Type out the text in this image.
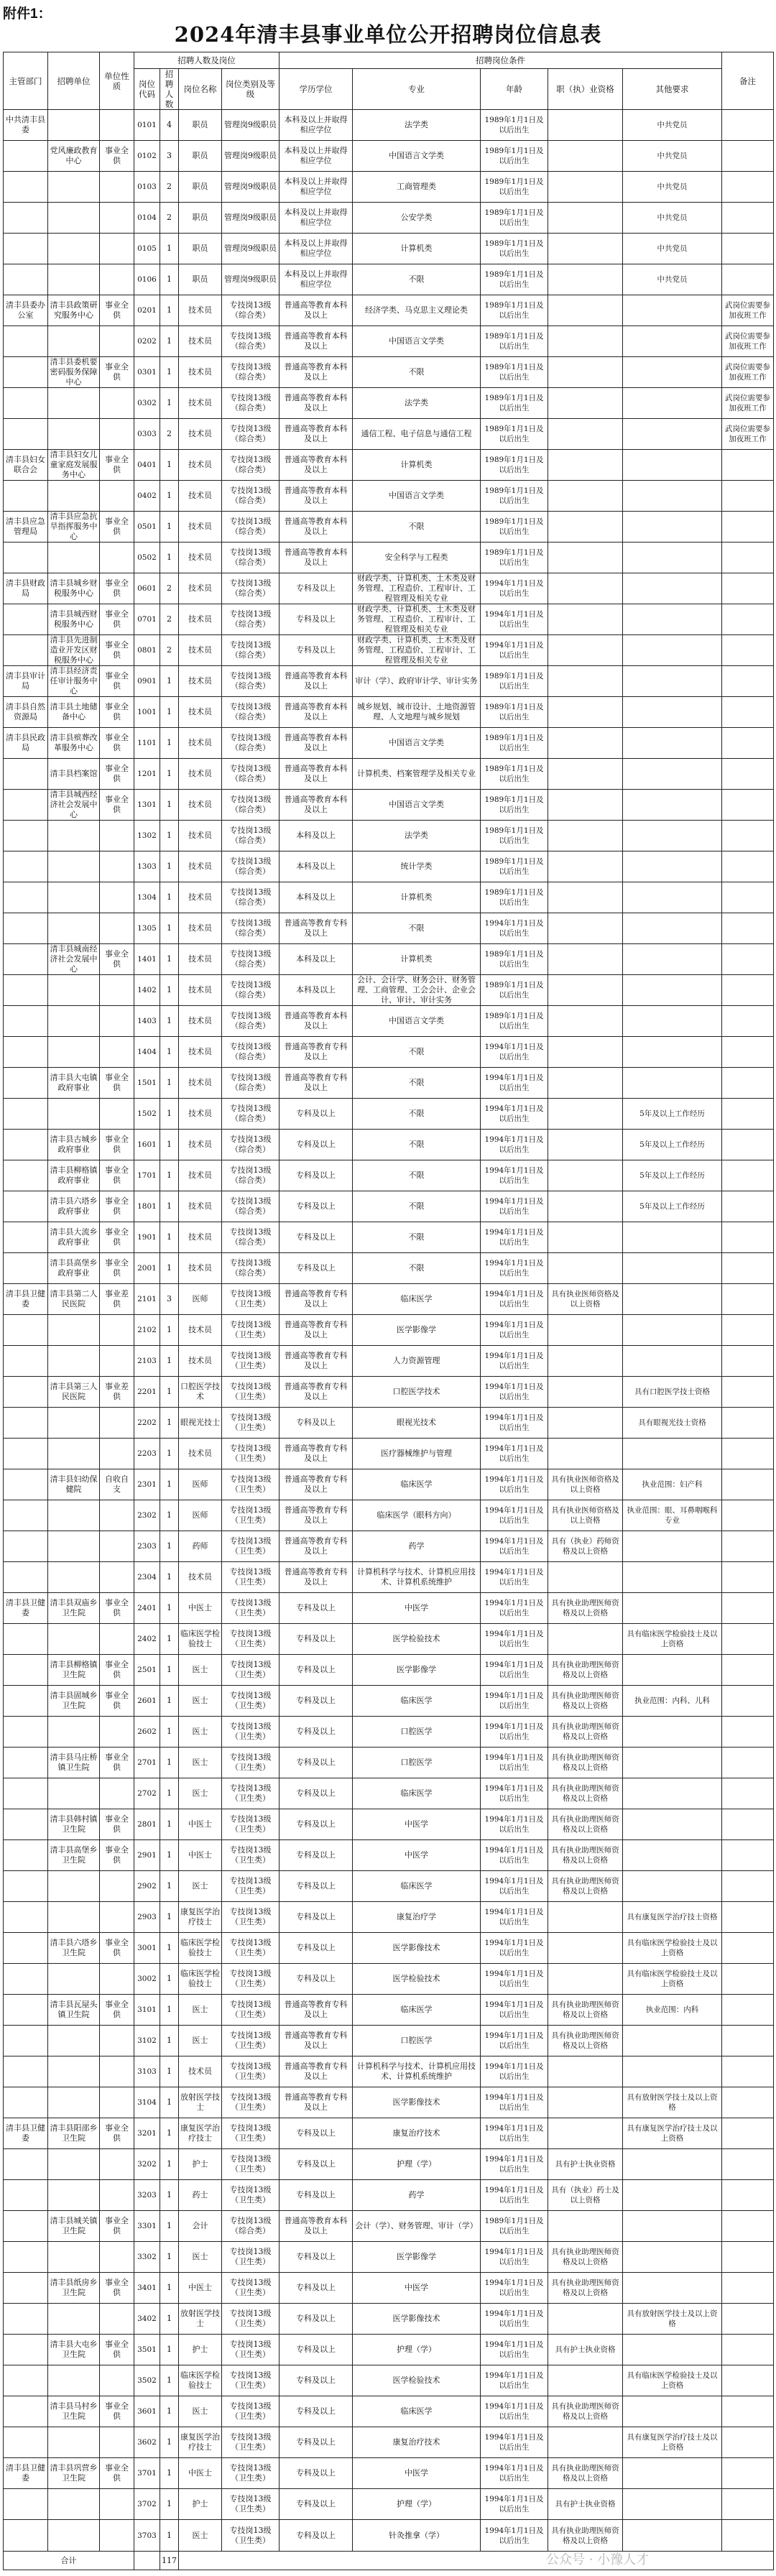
附件1：
2024年清丰县事业单位公开招聘岗位信息表
主管部门	招聘单位	单位性质	招聘人数及岗位				招聘岗位条件					备注
			岗位代码	招聘人数	岗位名称	岗位类别及等级	学历学位	专业	年龄	职（执）业资格	其他要求	
中共清丰县委			0101	4	职员	管理岗9级职员	本科及以上并取得相应学位	法学类	1989年1月1日及以后出生		中共党员	
	党风廉政教育中心	事业全供	0102	3	职员	管理岗9级职员	本科及以上并取得相应学位	中国语言文学类	1989年1月1日及以后出生		中共党员	
			0103	2	职员	管理岗9级职员	本科及以上并取得相应学位	工商管理类	1989年1月1日及以后出生		中共党员	
			0104	2	职员	管理岗9级职员	本科及以上并取得相应学位	公安学类	1989年1月1日及以后出生		中共党员	
			0105	1	职员	管理岗9级职员	本科及以上并取得相应学位	计算机类	1989年1月1日及以后出生		中共党员	
			0106	1	职员	管理岗9级职员	本科及以上并取得相应学位	不限	1989年1月1日及以后出生		中共党员	
清丰县委办公室	清丰县政策研究服务中心	事业全供	0201	1	技术员	专技岗13级（综合类）	普通高等教育本科及以上	经济学类、马克思主义理论类	1989年1月1日及以后出生			武岗位需要参加夜班工作
			0202	1	技术员	专技岗13级（综合类）	普通高等教育本科及以上	中国语言文学类	1989年1月1日及以后出生			武岗位需要参加夜班工作
	清丰县委机要密码服务保障中心	事业全供	0301	1	技术员	专技岗13级（综合类）	普通高等教育本科及以上	不限	1989年1月1日及以后出生			武岗位需要参加夜班工作
			0302	1	技术员	专技岗13级（综合类）	普通高等教育本科及以上	法学类	1989年1月1日及以后出生			武岗位需要参加夜班工作
			0303	2	技术员	专技岗13级（综合类）	普通高等教育本科及以上	通信工程、电子信息与通信工程	1989年1月1日及以后出生			武岗位需要参加夜班工作
清丰县妇女联合会	清丰县妇女儿童家庭发展服务中心	事业全供	0401	1	技术员	专技岗13级（综合类）	普通高等教育本科及以上	计算机类	1989年1月1日及以后出生			
			0402	1	技术员	专技岗13级（综合类）	普通高等教育本科及以上	中国语言文学类	1989年1月1日及以后出生			
清丰县应急管理局	清丰县应急抗旱指挥服务中心	事业全供	0501	1	技术员	专技岗13级（综合类）	普通高等教育本科及以上	不限	1989年1月1日及以后出生			
			0502	1	技术员	专技岗13级（综合类）	普通高等教育本科及以上	安全科学与工程类	1989年1月1日及以后出生			
清丰县财政局	清丰县城乡财税服务中心	事业全供	0601	2	技术员	专技岗13级（综合类）	专科及以上	财政学类、计算机类、土木类及财务管理、工程造价、工程审计、工程管理及相关专业	1994年1月1日及以后出生			
	清丰县城西财税服务中心	事业全供	0701	2	技术员	专技岗13级（综合类）	专科及以上	财政学类、计算机类、土木类及财务管理、工程造价、工程审计、工程管理及相关专业	1994年1月1日及以后出生			
	清丰县先进制造业开发区财税服务中心	事业全供	0801	2	技术员	专技岗13级（综合类）	专科及以上	财政学类、计算机类、土木类及财务管理、工程造价、工程审计、工程管理及相关专业	1994年1月1日及以后出生			
清丰县审计局	清丰县经济责任审计服务中心	事业全供	0901	1	技术员	专技岗13级（综合类）	普通高等教育本科及以上	审计（学）、政府审计学、审计实务	1989年1月1日及以后出生			
清丰县自然资源局	清丰县土地储备中心	事业全供	1001	1	技术员	专技岗13级（综合类）	普通高等教育本科及以上	城乡规划、城市设计、土地资源管理、人文地理与城乡规划	1989年1月1日及以后出生			
清丰县民政局	清丰县殡葬改革服务中心	事业全供	1101	1	技术员	专技岗13级（综合类）	普通高等教育本科及以上	中国语言文学类	1989年1月1日及以后出生			
	清丰县档案馆	事业全供	1201	1	技术员	专技岗13级（综合类）	普通高等教育本科及以上	计算机类、档案管理学及相关专业	1989年1月1日及以后出生			
	清丰县城西经济社会发展中心	事业全供	1301	1	技术员	专技岗13级（综合类）	普通高等教育本科及以上	中国语言文学类	1989年1月1日及以后出生			
			1302	1	技术员	专技岗13级（综合类）	本科及以上	法学类	1989年1月1日及以后出生			
			1303	1	技术员	专技岗13级（综合类）	本科及以上	统计学类	1989年1月1日及以后出生			
			1304	1	技术员	专技岗13级（综合类）	本科及以上	计算机类	1989年1月1日及以后出生			
			1305	1	技术员	专技岗13级（综合类）	普通高等教育专科及以上	不限	1994年1月1日及以后出生			
	清丰县城南经济社会发展中心	事业全供	1401	1	技术员	专技岗13级（综合类）	本科及以上	计算机类	1989年1月1日及以后出生			
			1402	1	技术员	专技岗13级（综合类）	本科及以上	会计、会计学、财务会计、财务管理、工商管理、工会会计、企业会计、审计、审计实务	1989年1月1日及以后出生			
			1403	1	技术员	专技岗13级（综合类）	普通高等教育本科及以上	中国语言文学类	1989年1月1日及以后出生			
			1404	1	技术员	专技岗13级（综合类）	普通高等教育专科及以上	不限	1994年1月1日及以后出生			
	清丰县大屯镇政府事业	事业全供	1501	1	技术员	专技岗13级（综合类）	普通高等教育专科及以上	不限	1994年1月1日及以后出生			
			1502	1	技术员	专技岗13级（综合类）	专科及以上	不限	1994年1月1日及以后出生		5年及以上工作经历	
	清丰县古城乡政府事业	事业全供	1601	1	技术员	专技岗13级（综合类）	专科及以上	不限	1994年1月1日及以后出生		5年及以上工作经历	
	清丰县柳格镇政府事业	事业全供	1701	1	技术员	专技岗13级（综合类）	专科及以上	不限	1994年1月1日及以后出生		5年及以上工作经历	
	清丰县六塔乡政府事业	事业全供	1801	1	技术员	专技岗13级（综合类）	专科及以上	不限	1994年1月1日及以后出生		5年及以上工作经历	
	清丰县大流乡政府事业	事业全供	1901	1	技术员	专技岗13级（综合类）	专科及以上	不限	1994年1月1日及以后出生			
	清丰县高堡乡政府事业	事业全供	2001	1	技术员	专技岗13级（综合类）	专科及以上	不限	1994年1月1日及以后出生			
清丰县卫健委	清丰县第二人民医院	事业差供	2101	3	医师	专技岗13级（卫生类）	普通高等教育专科及以上	临床医学	1994年1月1日及以后出生	具有执业医师资格及以上资格		
			2102	1	技术员	专技岗13级（卫生类）	普通高等教育专科及以上	医学影像学	1994年1月1日及以后出生			
			2103	1	技术员	专技岗13级（卫生类）	普通高等教育专科及以上	人力资源管理	1994年1月1日及以后出生			
	清丰县第三人民医院	事业差供	2201	1	口腔医学技术	专技岗13级（卫生类）	普通高等教育专科及以上	口腔医学技术	1994年1月1日及以后出生		具有口腔医学技士资格	
			2202	1	眼视光技士	专技岗13级（卫生类）	专科及以上	眼视光技术	1994年1月1日及以后出生		具有眼视光技士资格	
			2203	1	技术员	专技岗13级（卫生类）	普通高等教育专科及以上	医疗器械维护与管理	1994年1月1日及以后出生			
	清丰县妇幼保健院	自收自支	2301	1	医师	专技岗13级（卫生类）	普通高等教育专科及以上	临床医学	1994年1月1日及以后出生	具有执业医师资格及以上资格	执业范围：妇产科	
			2302	1	医师	专技岗13级（卫生类）	普通高等教育专科及以上	临床医学（眼科方向）	1994年1月1日及以后出生	具有执业医师资格及以上资格	执业范围：眼、耳鼻咽喉科专业	
			2303	1	药师	专技岗13级（卫生类）	普通高等教育专科及以上	药学	1994年1月1日及以后出生	具有（执业）药师资格及以上资格		
			2304	1	技术员	专技岗13级（卫生类）	普通高等教育专科及以上	计算机科学与技术、计算机应用技术、计算机系统维护	1994年1月1日及以后出生			
清丰县卫健委	清丰县双庙乡卫生院	事业全供	2401	1	中医士	专技岗13级（卫生类）	专科及以上	中医学	1994年1月1日及以后出生	具有执业助理医师资格及以上资格		
			2402	1	临床医学检验技士	专技岗13级（卫生类）	专科及以上	医学检验技术	1994年1月1日及以后出生		具有临床医学检验技士及以上资格	
	清丰县柳格镇卫生院	事业全供	2501	1	医士	专技岗13级（卫生类）	专科及以上	医学影像学	1994年1月1日及以后出生	具有执业助理医师资格及以上资格		
	清丰县固城乡卫生院	事业全供	2601	1	医士	专技岗13级（卫生类）	专科及以上	临床医学	1994年1月1日及以后出生	具有执业助理医师资格及以上资格	执业范围：内科、儿科	
			2602	1	医士	专技岗13级（卫生类）	专科及以上	口腔医学	1994年1月1日及以后出生	具有执业助理医师资格及以上资格		
	清丰县马庄桥镇卫生院	事业全供	2701	1	医士	专技岗13级（卫生类）	专科及以上	口腔医学	1994年1月1日及以后出生	具有执业助理医师资格及以上资格		
			2702	1	医士	专技岗13级（卫生类）	专科及以上	临床医学	1994年1月1日及以后出生	具有执业助理医师资格及以上资格		
	清丰县韩村镇卫生院	事业全供	2801	1	中医士	专技岗13级（卫生类）	专科及以上	中医学	1994年1月1日及以后出生	具有执业助理医师资格及以上资格		
	清丰县高堡乡卫生院	事业全供	2901	1	中医士	专技岗13级（卫生类）	专科及以上	中医学	1994年1月1日及以后出生	具有执业助理医师资格及以上资格		
			2902	1	医士	专技岗13级（卫生类）	专科及以上	临床医学	1994年1月1日及以后出生	具有执业助理医师资格及以上资格		
			2903	1	康复医学治疗技士	专技岗13级（卫生类）	专科及以上	康复治疗学	1994年1月1日及以后出生		具有康复医学治疗技士资格	
	清丰县六塔乡卫生院	事业全供	3001	1	临床医学检验技士	专技岗13级（卫生类）	专科及以上	医学影像技术	1994年1月1日及以后出生		具有临床医学检验技士及以上资格	
			3002	1	临床医学检验技士	专技岗13级（卫生类）	专科及以上	医学检验技术	1994年1月1日及以后出生		具有临床医学检验技士及以上资格	
	清丰县瓦屋头镇卫生院	事业全供	3101	1	医士	专技岗13级（卫生类）	普通高等教育专科及以上	临床医学	1994年1月1日及以后出生	具有执业助理医师资格及以上资格	执业范围：内科	
			3102	1	医士	专技岗13级（卫生类）	普通高等教育专科及以上	口腔医学	1994年1月1日及以后出生	具有执业助理医师资格及以上资格		
			3103	1	技术员	专技岗13级（卫生类）	普通高等教育专科及以上	计算机科学与技术、计算机应用技术、计算机系统维护	1994年1月1日及以后出生			
			3104	1	放射医学技士	专技岗13级（卫生类）	普通高等教育专科及以上	医学影像技术	1994年1月1日及以后出生		具有放射医学技士及以上资格	
清丰县卫健委	清丰县阳邵乡卫生院	事业全供	3201	1	康复医学治疗技士	专技岗13级（卫生类）	专科及以上	康复治疗技术	1994年1月1日及以后出生		具有康复医学治疗技士及以上资格	
			3202	1	护士	专技岗13级（卫生类）	专科及以上	护理（学）	1994年1月1日及以后出生	具有护士执业资格		
			3203	1	药士	专技岗13级（卫生类）	专科及以上	药学	1994年1月1日及以后出生	具有（执业）药士及以上资格		
	清丰县城关镇卫生院	事业全供	3301	1	会计	专技岗13级（综合类）	普通高等教育本科及以上	会计（学）、财务管理、审计（学）	1989年1月1日及以后出生			
			3302	1	医士	专技岗13级（卫生类）	专科及以上	医学影像学	1994年1月1日及以后出生	具有执业助理医师资格及以上资格		
	清丰县纸房乡卫生院	事业全供	3401	1	中医士	专技岗13级（卫生类）	专科及以上	中医学	1994年1月1日及以后出生	具有执业助理医师资格及以上资格		
			3402	1	放射医学技士	专技岗13级（卫生类）	专科及以上	医学影像技术	1994年1月1日及以后出生		具有放射医学技士及以上资格	
	清丰县大屯乡卫生院	事业全供	3501	1	护士	专技岗13级（卫生类）	专科及以上	护理（学）	1994年1月1日及以后出生	具有护士执业资格		
			3502	1	临床医学检验技士	专技岗13级（卫生类）	专科及以上	医学检验技术	1994年1月1日及以后出生		具有临床医学检验技士及以上资格	
	清丰县马村乡卫生院	事业全供	3601	1	医士	专技岗13级（卫生类）	专科及以上	临床医学	1994年1月1日及以后出生	具有执业助理医师资格及以上资格		
			3602	1	康复医学治疗技士	专技岗13级（卫生类）	专科及以上	康复治疗技术	1994年1月1日及以后出生		具有康复医学治疗技士及以上资格	
清丰县卫健委	清丰县巩营乡卫生院	事业全供	3701	1	中医士	专技岗13级（卫生类）	专科及以上	中医学	1994年1月1日及以后出生	具有执业助理医师资格及以上资格		
			3702	1	护士	专技岗13级（卫生类）	专科及以上	护理（学）	1994年1月1日及以后出生	具有护士执业资格		
			3703	1	医士	专技岗13级（卫生类）	专科及以上	针灸推拿（学）	1994年1月1日及以后出生	具有执业助理医师资格及以上资格		
合计				117									公众号 · 小豫人才
